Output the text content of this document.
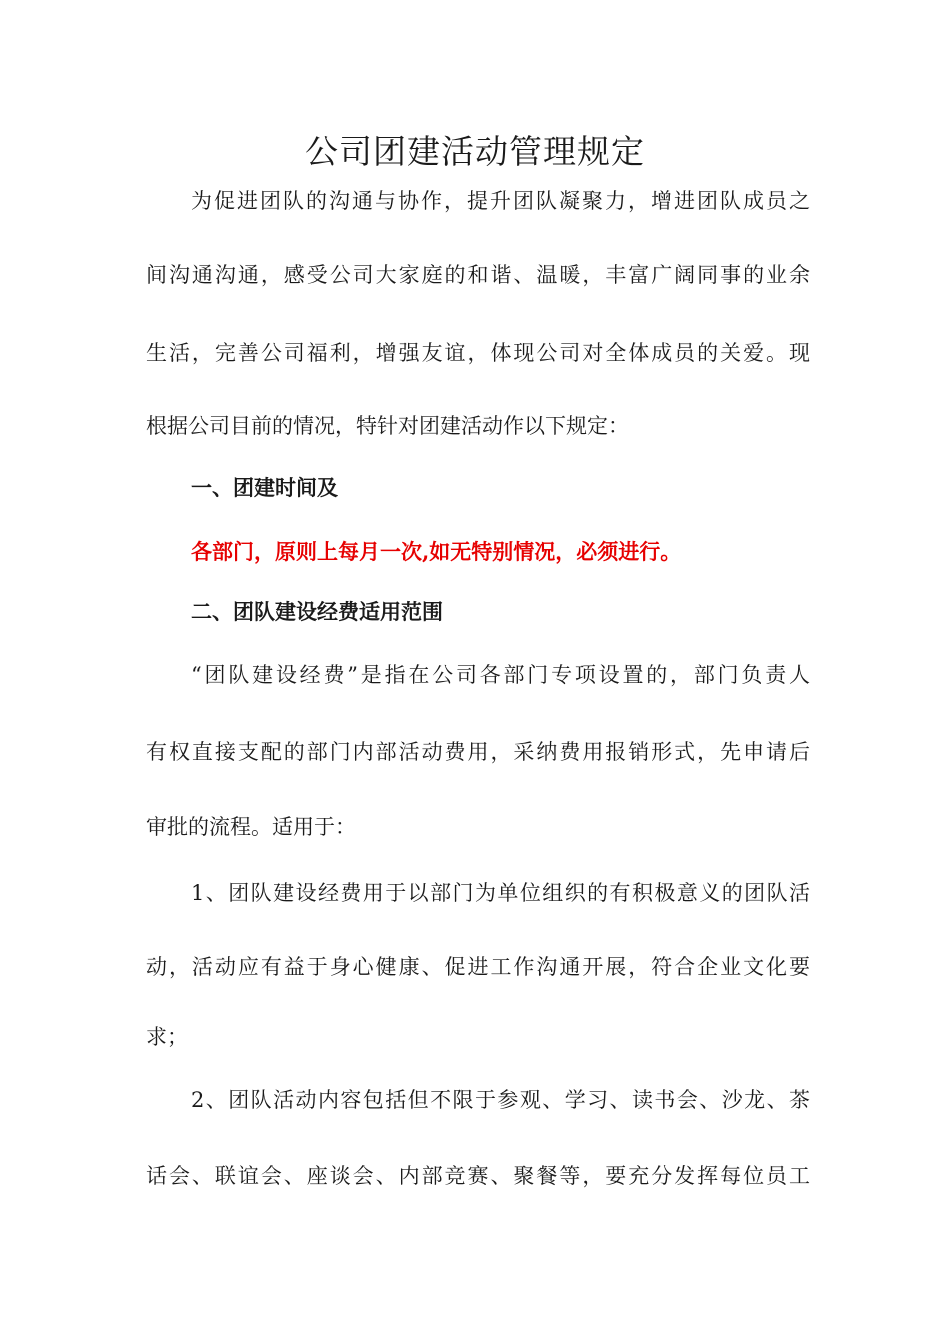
公司团建活动管理规定

为促进团队的沟通与协作，提升团队凝聚力，增进团队成员之

间沟通沟通，感受公司大家庭的和谐、温暖，丰富广阔同事的业余

生活，完善公司福利，增强友谊，体现公司对全体成员的关爱。现

根据公司目前的情况，特针对团建活动作以下规定：

一、团建时间及

各部门，原则上每月一次,如无特别情况，必须进行。

二、团队建设经费适用范围

“团队建设经费”是指在公司各部门专项设置的，部门负责人

有权直接支配的部门内部活动费用，采纳费用报销形式，先申请后

审批的流程。适用于：

1、团队建设经费用于以部门为单位组织的有积极意义的团队活

动，活动应有益于身心健康、促进工作沟通开展，符合企业文化要

求；

2、团队活动内容包括但不限于参观、学习、读书会、沙龙、茶

话会、联谊会、座谈会、内部竞赛、聚餐等，要充分发挥每位员工
